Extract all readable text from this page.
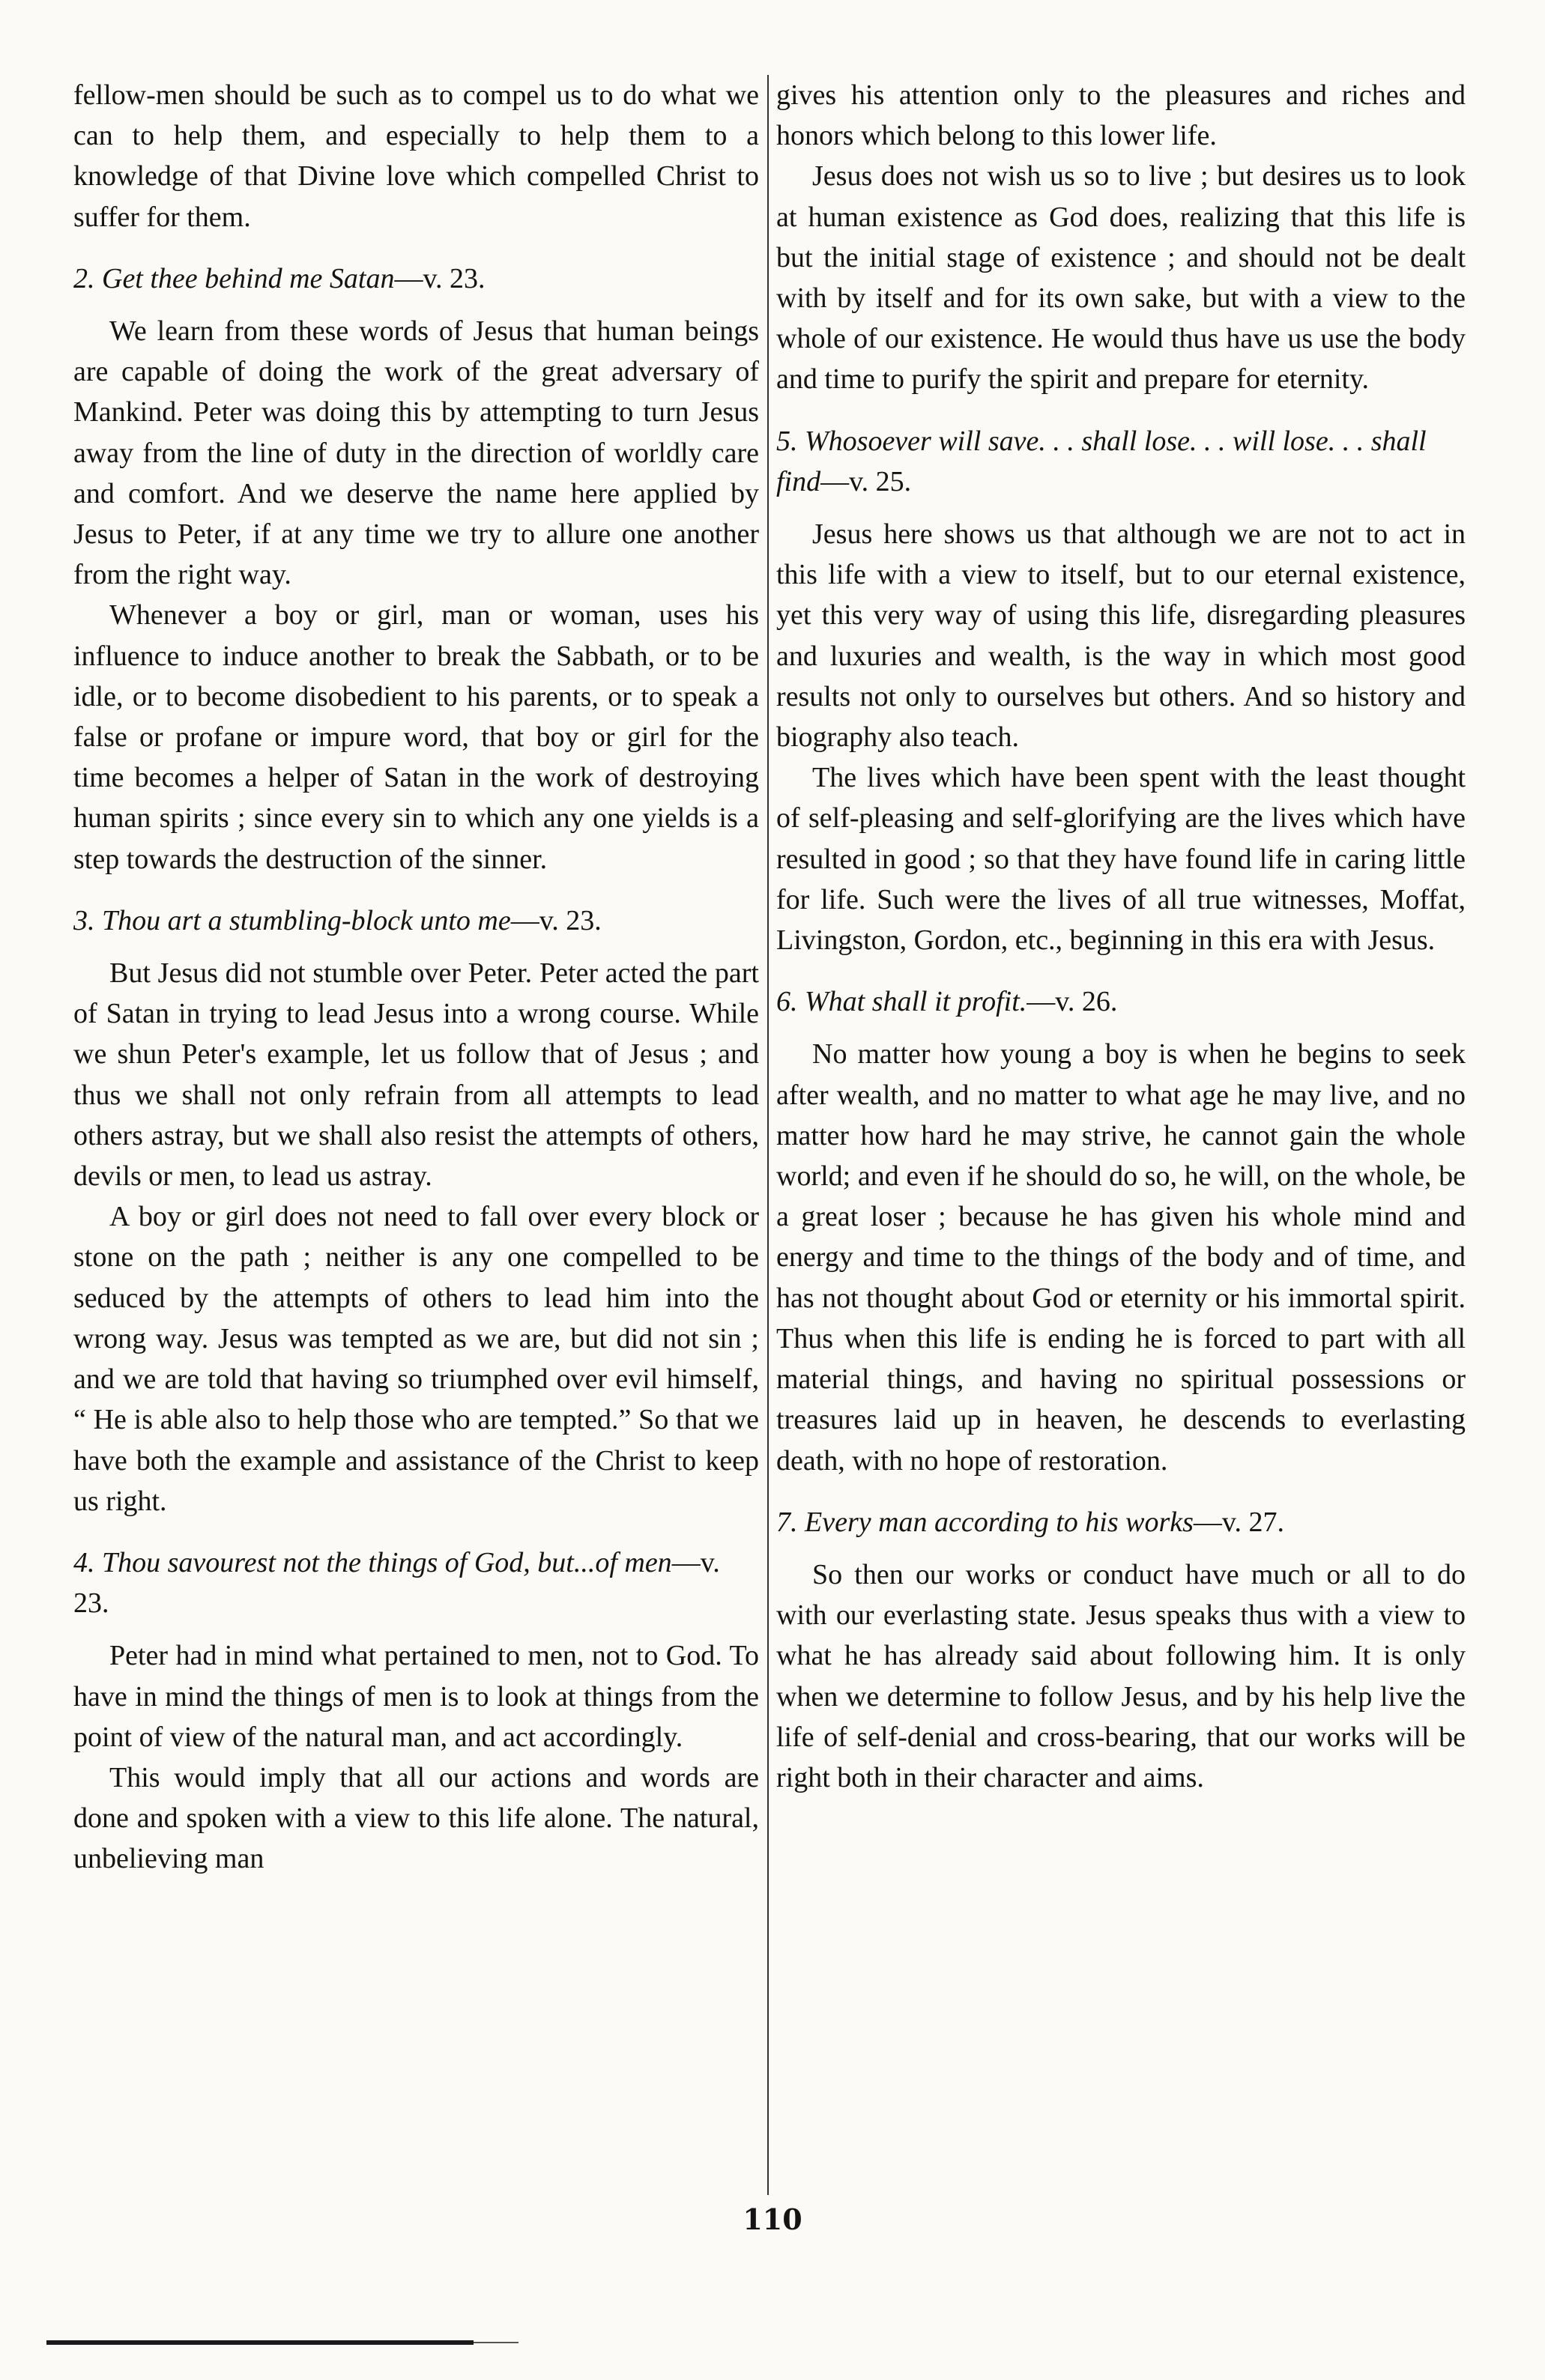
fellow-men should be such as to compel us to do what we can to help them, and especially to help them to a knowledge of that Divine love which compelled Christ to suffer for them.

2. Get thee behind me Satan—v. 23.

We learn from these words of Jesus that human beings are capable of doing the work of the great adversary of Mankind. Peter was doing this by attempting to turn Jesus away from the line of duty in the direction of worldly care and comfort. And we deserve the name here applied by Jesus to Peter, if at any time we try to allure one another from the right way.

Whenever a boy or girl, man or woman, uses his influence to induce another to break the Sabbath, or to be idle, or to become disobedient to his parents, or to speak a false or profane or impure word, that boy or girl for the time becomes a helper of Satan in the work of destroying human spirits ; since every sin to which any one yields is a step towards the destruction of the sinner.

3. Thou art a stumbling-block unto me—v. 23.

But Jesus did not stumble over Peter. Peter acted the part of Satan in trying to lead Jesus into a wrong course. While we shun Peter's example, let us follow that of Jesus ; and thus we shall not only refrain from all attempts to lead others astray, but we shall also resist the attempts of others, devils or men, to lead us astray.

A boy or girl does not need to fall over every block or stone on the path ; neither is any one compelled to be seduced by the attempts of others to lead him into the wrong way. Jesus was tempted as we are, but did not sin ; and we are told that having so triumphed over evil himself, “ He is able also to help those who are tempted.” So that we have both the example and assistance of the Christ to keep us right.

4. Thou savourest not the things of God, but...of men—v. 23.

Peter had in mind what pertained to men, not to God. To have in mind the things of men is to look at things from the point of view of the natural man, and act accordingly.

This would imply that all our actions and words are done and spoken with a view to this life alone. The natural, unbelieving man

gives his attention only to the pleasures and riches and honors which belong to this lower life.

Jesus does not wish us so to live ; but desires us to look at human existence as God does, realizing that this life is but the initial stage of existence ; and should not be dealt with by itself and for its own sake, but with a view to the whole of our existence. He would thus have us use the body and time to purify the spirit and prepare for eternity.

5. Whosoever will save. . . shall lose. . . will lose. . . shall find—v. 25.

Jesus here shows us that although we are not to act in this life with a view to itself, but to our eternal existence, yet this very way of using this life, disregarding pleasures and luxuries and wealth, is the way in which most good results not only to ourselves but others. And so history and biography also teach.

The lives which have been spent with the least thought of self-pleasing and self-glorifying are the lives which have resulted in good ; so that they have found life in caring little for life. Such were the lives of all true witnesses, Moffat, Livingston, Gordon, etc., beginning in this era with Jesus.

6. What shall it profit.—v. 26.

No matter how young a boy is when he begins to seek after wealth, and no matter to what age he may live, and no matter how hard he may strive, he cannot gain the whole world; and even if he should do so, he will, on the whole, be a great loser ; because he has given his whole mind and energy and time to the things of the body and of time, and has not thought about God or eternity or his immortal spirit. Thus when this life is ending he is forced to part with all material things, and having no spiritual possessions or treasures laid up in heaven, he descends to everlasting death, with no hope of restoration.

7. Every man according to his works—v. 27.

So then our works or conduct have much or all to do with our everlasting state. Jesus speaks thus with a view to what he has already said about following him. It is only when we determine to follow Jesus, and by his help live the life of self-denial and cross-bearing, that our works will be right both in their character and aims.

110
